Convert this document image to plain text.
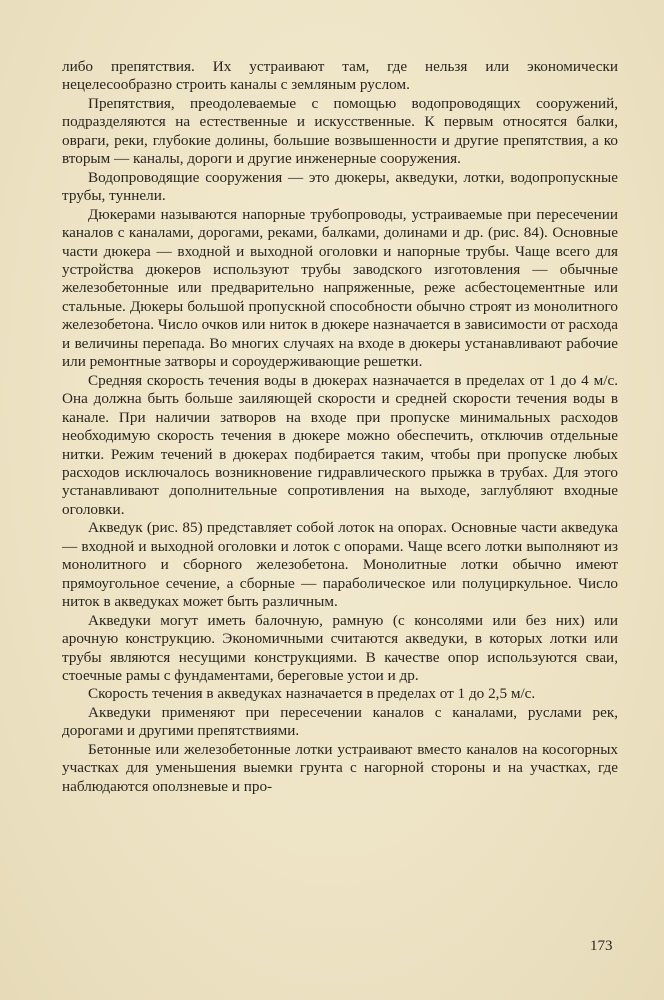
либо препятствия. Их устраивают там, где нельзя или экономически нецелесообразно строить каналы с земляным руслом.

Препятствия, преодолеваемые с помощью водопроводящих сооружений, подразделяются на естественные и искусственные. К первым относятся балки, овраги, реки, глубокие долины, большие возвышенности и другие препятствия, а ко вторым — каналы, дороги и другие инженерные сооружения.

Водопроводящие сооружения — это дюкеры, акведуки, лотки, водопропускные трубы, туннели.

Дюкерами называются напорные трубопроводы, устраиваемые при пересечении каналов с каналами, дорогами, реками, балками, долинами и др. (рис. 84). Основные части дюкера — входной и выходной оголовки и напорные трубы. Чаще всего для устройства дюкеров используют трубы заводского изготовления — обычные железобетонные или предварительно напряженные, реже асбестоцементные или стальные. Дюкеры большой пропускной способности обычно строят из монолитного железобетона. Число очков или ниток в дюкере назначается в зависимости от расхода и величины перепада. Во многих случаях на входе в дюкеры устанавливают рабочие или ремонтные затворы и сороудерживающие решетки.

Средняя скорость течения воды в дюкерах назначается в пределах от 1 до 4 м/с. Она должна быть больше заиляющей скорости и средней скорости течения воды в канале. При наличии затворов на входе при пропуске минимальных расходов необходимую скорость течения в дюкере можно обеспечить, отключив отдельные нитки. Режим течений в дюкерах подбирается таким, чтобы при пропуске любых расходов исключалось возникновение гидравлического прыжка в трубах. Для этого устанавливают дополнительные сопротивления на выходе, заглубляют входные оголовки.

Акведук (рис. 85) представляет собой лоток на опорах. Основные части акведука — входной и выходной оголовки и лоток с опорами. Чаще всего лотки выполняют из монолитного и сборного железобетона. Монолитные лотки обычно имеют прямоугольное сечение, а сборные — параболическое или полуциркульное. Число ниток в акведуках может быть различным.

Акведуки могут иметь балочную, рамную (с консолями или без них) или арочную конструкцию. Экономичными считаются акведуки, в которых лотки или трубы являются несущими конструкциями. В качестве опор используются сваи, стоечные рамы с фундаментами, береговые устои и др.

Скорость течения в акведуках назначается в пределах от 1 до 2,5 м/с.

Акведуки применяют при пересечении каналов с каналами, руслами рек, дорогами и другими препятствиями.

Бетонные или железобетонные лотки устраивают вместо каналов на косогорных участках для уменьшения выемки грунта с нагорной стороны и на участках, где наблюдаются оползневые и про-

173
